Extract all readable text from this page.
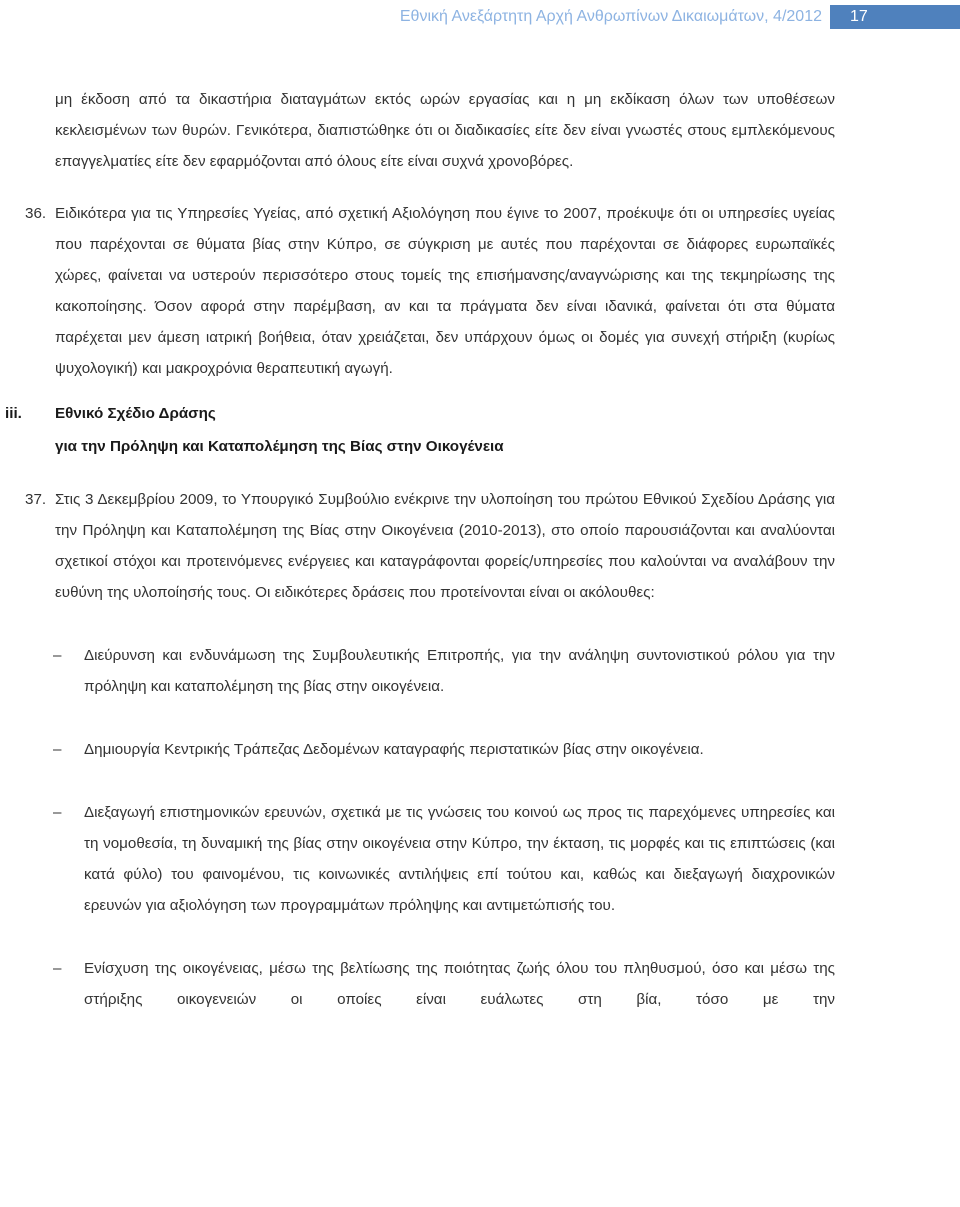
Εθνική Ανεξάρτητη Αρχή Ανθρωπίνων Δικαιωμάτων, 4/2012	17

μη έκδοση από τα δικαστήρια διαταγμάτων εκτός ωρών εργασίας και η μη εκδίκαση όλων των υποθέσεων κεκλεισμένων των θυρών. Γενικότερα, διαπιστώθηκε ότι οι διαδικασίες είτε δεν είναι γνωστές στους εμπλεκόμενους επαγγελματίες είτε δεν εφαρμόζονται από όλους είτε είναι συχνά χρονοβόρες.

36. Ειδικότερα για τις Υπηρεσίες Υγείας, από σχετική Αξιολόγηση που έγινε το 2007, προέκυψε ότι οι υπηρεσίες υγείας που παρέχονται σε θύματα βίας στην Κύπρο, σε σύγκριση με αυτές που παρέχονται σε διάφορες ευρωπαϊκές χώρες, φαίνεται να υστερούν περισσότερο στους τομείς της επισήμανσης/αναγνώρισης και της τεκμηρίωσης της κακοποίησης. Όσον αφορά στην παρέμβαση, αν και τα πράγματα δεν είναι ιδανικά, φαίνεται ότι στα θύματα παρέχεται μεν άμεση ιατρική βοήθεια, όταν χρειάζεται, δεν υπάρχουν όμως οι δομές για συνεχή στήριξη (κυρίως ψυχολογική) και μακροχρόνια θεραπευτική αγωγή.

iii. Εθνικό Σχέδιο Δράσης

για την Πρόληψη και Καταπολέμηση της Βίας στην Οικογένεια

37. Στις 3 Δεκεμβρίου 2009, το Υπουργικό Συμβούλιο ενέκρινε την υλοποίηση του πρώτου Εθνικού Σχεδίου Δράσης για την Πρόληψη και Καταπολέμηση της Βίας στην Οικογένεια (2010-2013), στο οποίο παρουσιάζονται και αναλύονται σχετικοί στόχοι και προτεινόμενες ενέργειες και καταγράφονται φορείς/υπηρεσίες που καλούνται να αναλάβουν την ευθύνη της υλοποίησής τους. Οι ειδικότερες δράσεις που προτείνονται είναι οι ακόλουθες:

– Διεύρυνση και ενδυνάμωση της Συμβουλευτικής Επιτροπής, για την ανάληψη συντονιστικού ρόλου για την πρόληψη και καταπολέμηση της βίας στην οικογένεια.

– Δημιουργία Κεντρικής Τράπεζας Δεδομένων καταγραφής περιστατικών βίας στην οικογένεια.

– Διεξαγωγή επιστημονικών ερευνών, σχετικά με τις γνώσεις του κοινού ως προς τις παρεχόμενες υπηρεσίες και τη νομοθεσία, τη δυναμική της βίας στην οικογένεια στην Κύπρο, την έκταση, τις μορφές και τις επιπτώσεις (και κατά φύλο) του φαινομένου, τις κοινωνικές αντιλήψεις επί τούτου και, καθώς και διεξαγωγή διαχρονικών ερευνών για αξιολόγηση των προγραμμάτων πρόληψης και αντιμετώπισής του.

– Ενίσχυση της οικογένειας, μέσω της βελτίωσης της ποιότητας ζωής όλου του πληθυσμού, όσο και μέσω της στήριξης οικογενειών οι οποίες είναι ευάλωτες στη βία, τόσο με την
